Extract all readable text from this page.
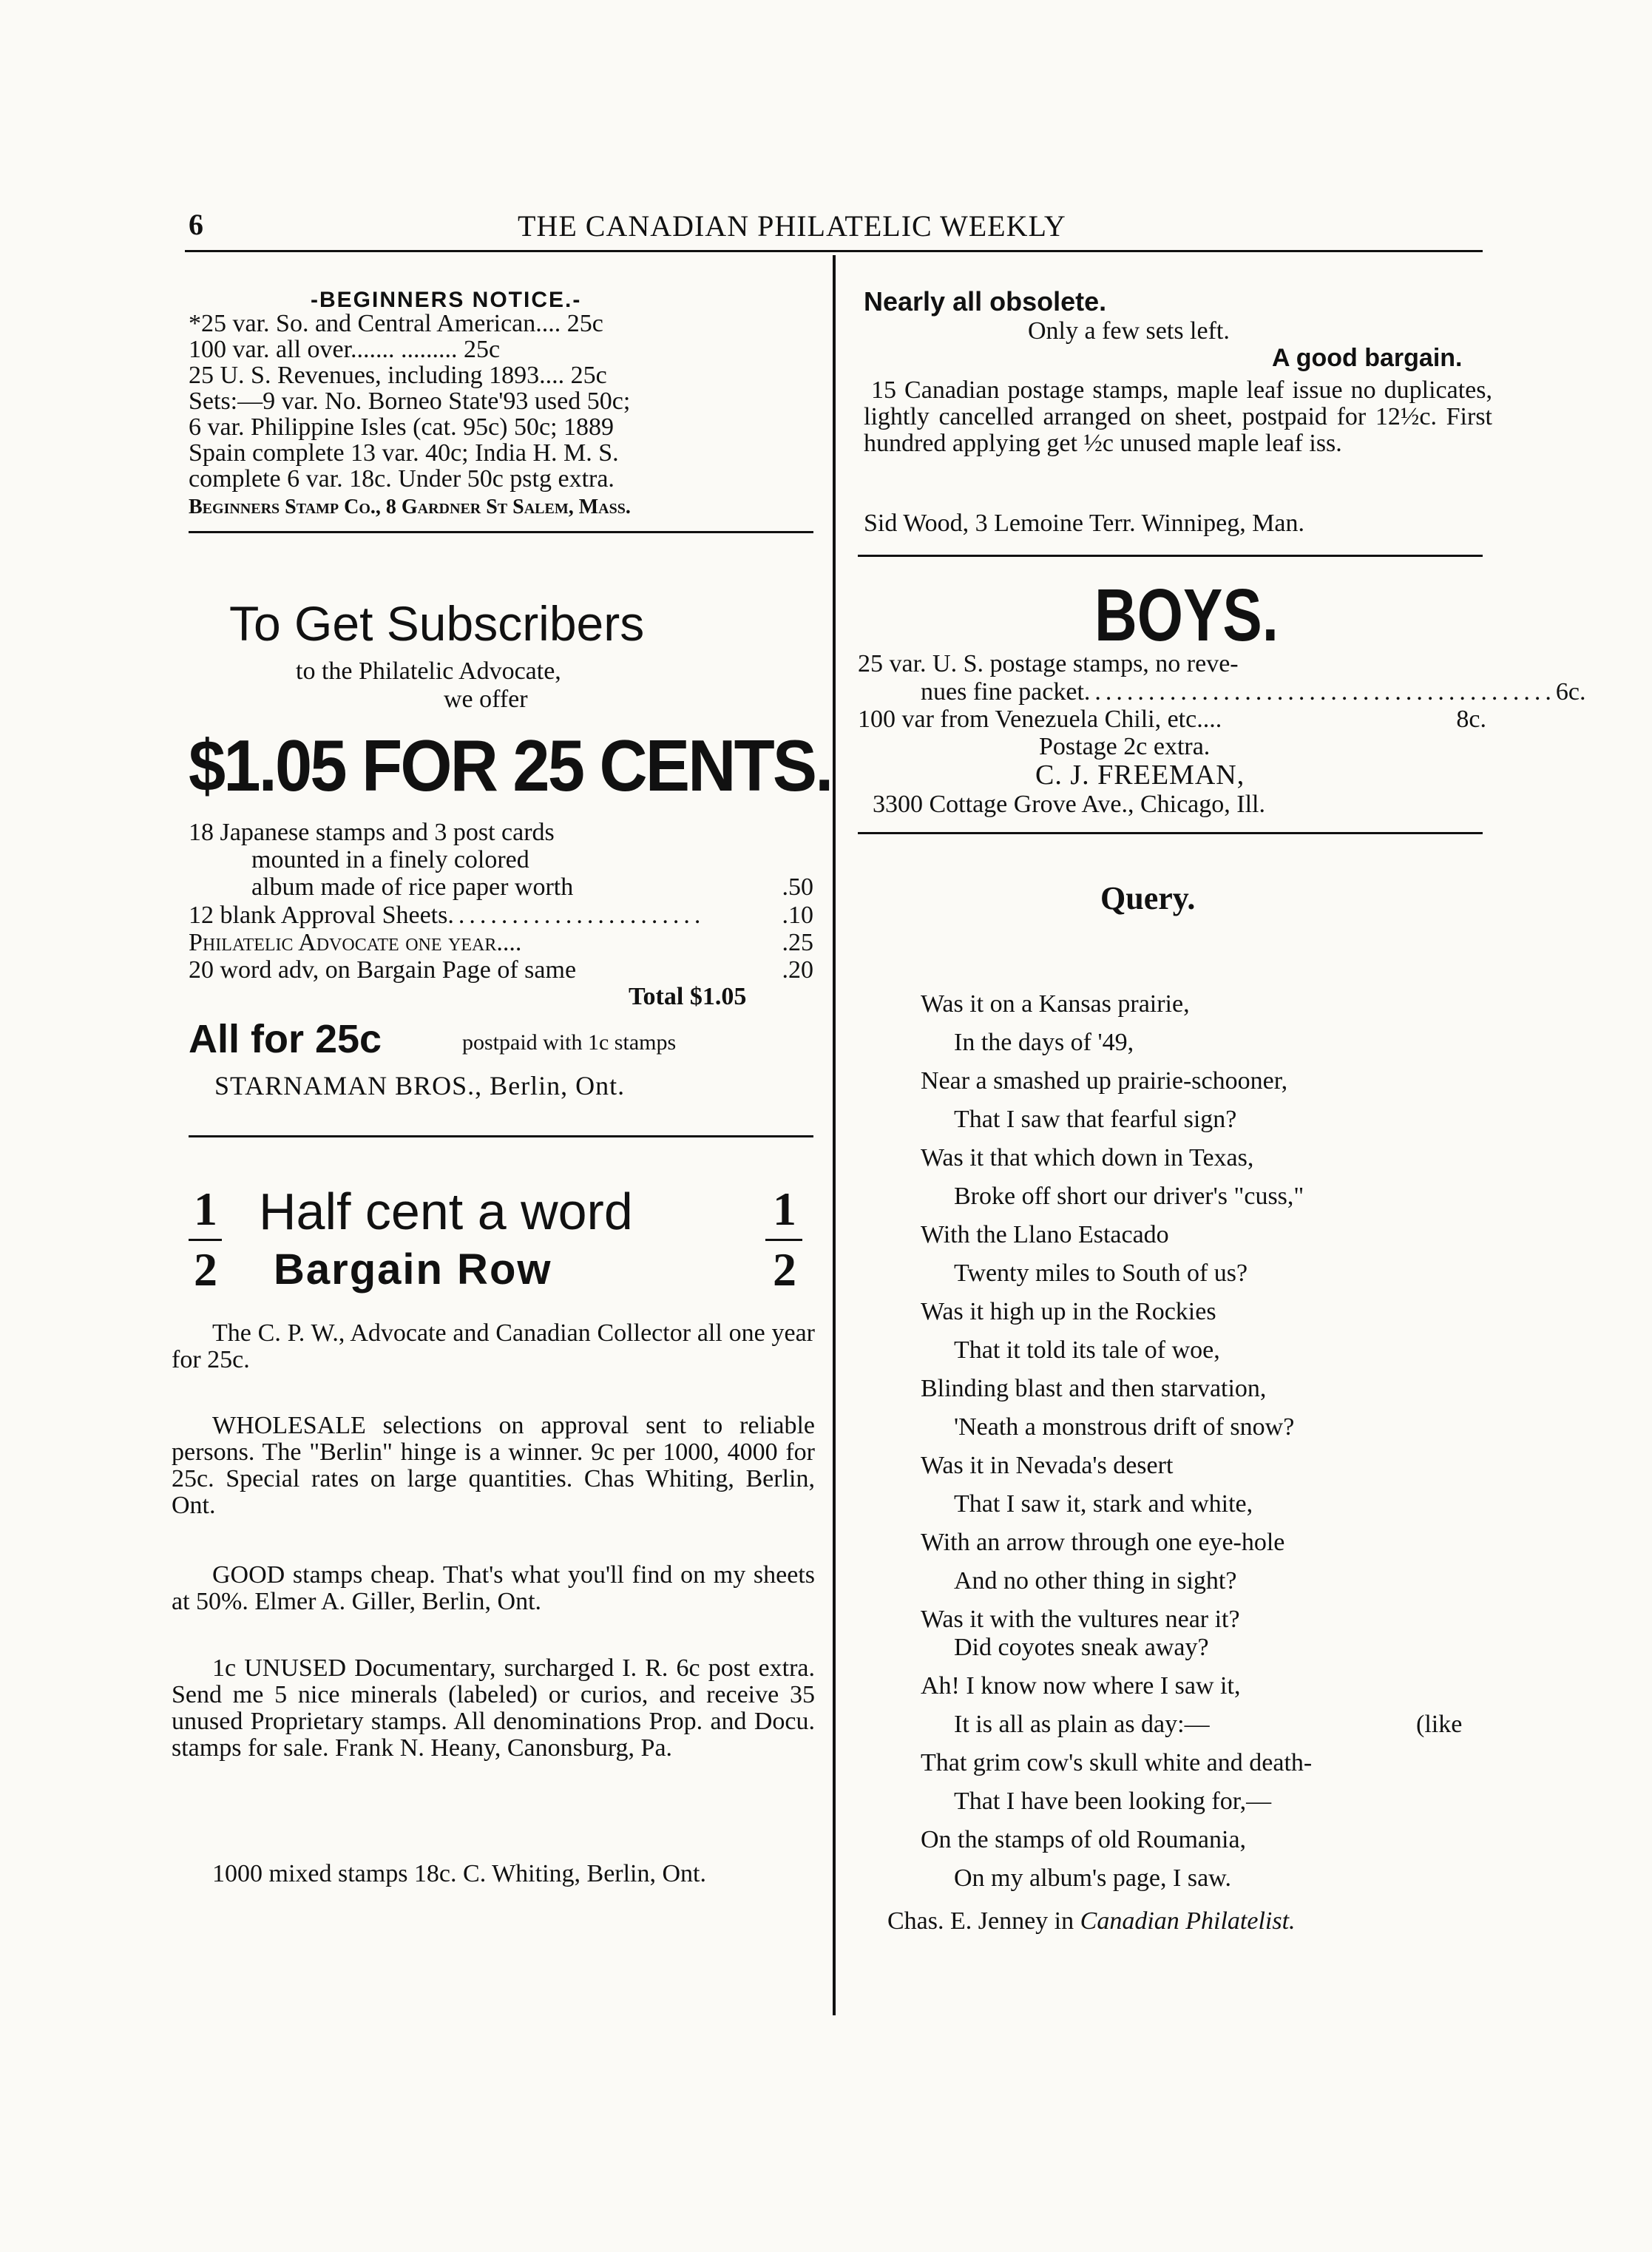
6	THE CANADIAN PHILATELIC WEEKLY
-BEGINNERS NOTICE.-
*25 var. So. and Central American.... 25c
100 var. all over....... ......... 25c
25 U. S. Revenues, including 1893.... 25c
Sets:—9 var. No. Borneo State'93 used 50c;
6 var. Philippine Isles (cat. 95c) 50c; 1889
Spain complete 13 var. 40c; India H. M. S.
complete 6 var. 18c. Under 50c pstg extra.
Beginners Stamp Co., 8 Gardner St Salem, Mass.
To Get Subscribers
to the Philatelic Advocate,
we offer
$1.05 FOR 25 CENTS.
18 Japanese stamps and 3 post cards
mounted in a finely colored
album made of rice paper worth	.50
12 blank Approval Sheets ........................	.10
Philatelic Advocate one year....	.25
20 word adv, on Bargain Page of same	.20
Total $1.05
All for 25c	postpaid with 1c stamps
STARNAMAN BROS., Berlin, Ont.
1
2
Half cent a word
Bargain Row
1
2
The C. P. W., Advocate and Canadian Collector all one year for 25c.
WHOLESALE selections on approval sent to reliable persons. The "Berlin" hinge is a winner. 9c per 1000, 4000 for 25c. Special rates on large quantities. Chas Whiting, Berlin, Ont.
GOOD stamps cheap. That's what you'll find on my sheets at 50%. Elmer A. Giller, Berlin, Ont.
1c UNUSED Documentary, surcharged I. R. 6c post extra. Send me 5 nice minerals (labeled) or curios, and receive 35 unused Proprietary stamps. All denominations Prop. and Docu. stamps for sale. Frank N. Heany, Canonsburg, Pa.
1000 mixed stamps 18c. C. Whiting, Berlin, Ont.
Nearly all obsolete.
Only a few sets left.
A good bargain.
15 Canadian postage stamps, maple leaf issue no duplicates, lightly cancelled arranged on sheet, postpaid for 12½c. First hundred applying get ½c unused maple leaf iss.
Sid Wood, 3 Lemoine Terr. Winnipeg, Man.
BOYS.
25 var. U. S. postage stamps, no reve-
nues fine packet ............................................ 6c.
100 var from Venezuela Chili, etc....	8c.
Postage 2c extra.
C. J. FREEMAN,
3300 Cottage Grove Ave., Chicago, Ill.
Query.
Was it on a Kansas prairie,
In the days of '49,
Near a smashed up prairie-schooner,
That I saw that fearful sign?
Was it that which down in Texas,
Broke off short our driver's "cuss,"
With the Llano Estacado
Twenty miles to South of us?
Was it high up in the Rockies
That it told its tale of woe,
Blinding blast and then starvation,
'Neath a monstrous drift of snow?
Was it in Nevada's desert
That I saw it, stark and white,
With an arrow through one eye-hole
And no other thing in sight?
Was it with the vultures near it?
Did coyotes sneak away?
Ah! I know now where I saw it,
It is all as plain as day:—	(like
That grim cow's skull white and death-
That I have been looking for,—
On the stamps of old Roumania,
On my album's page, I saw.
Chas. E. Jenney in Canadian Philatelist.
